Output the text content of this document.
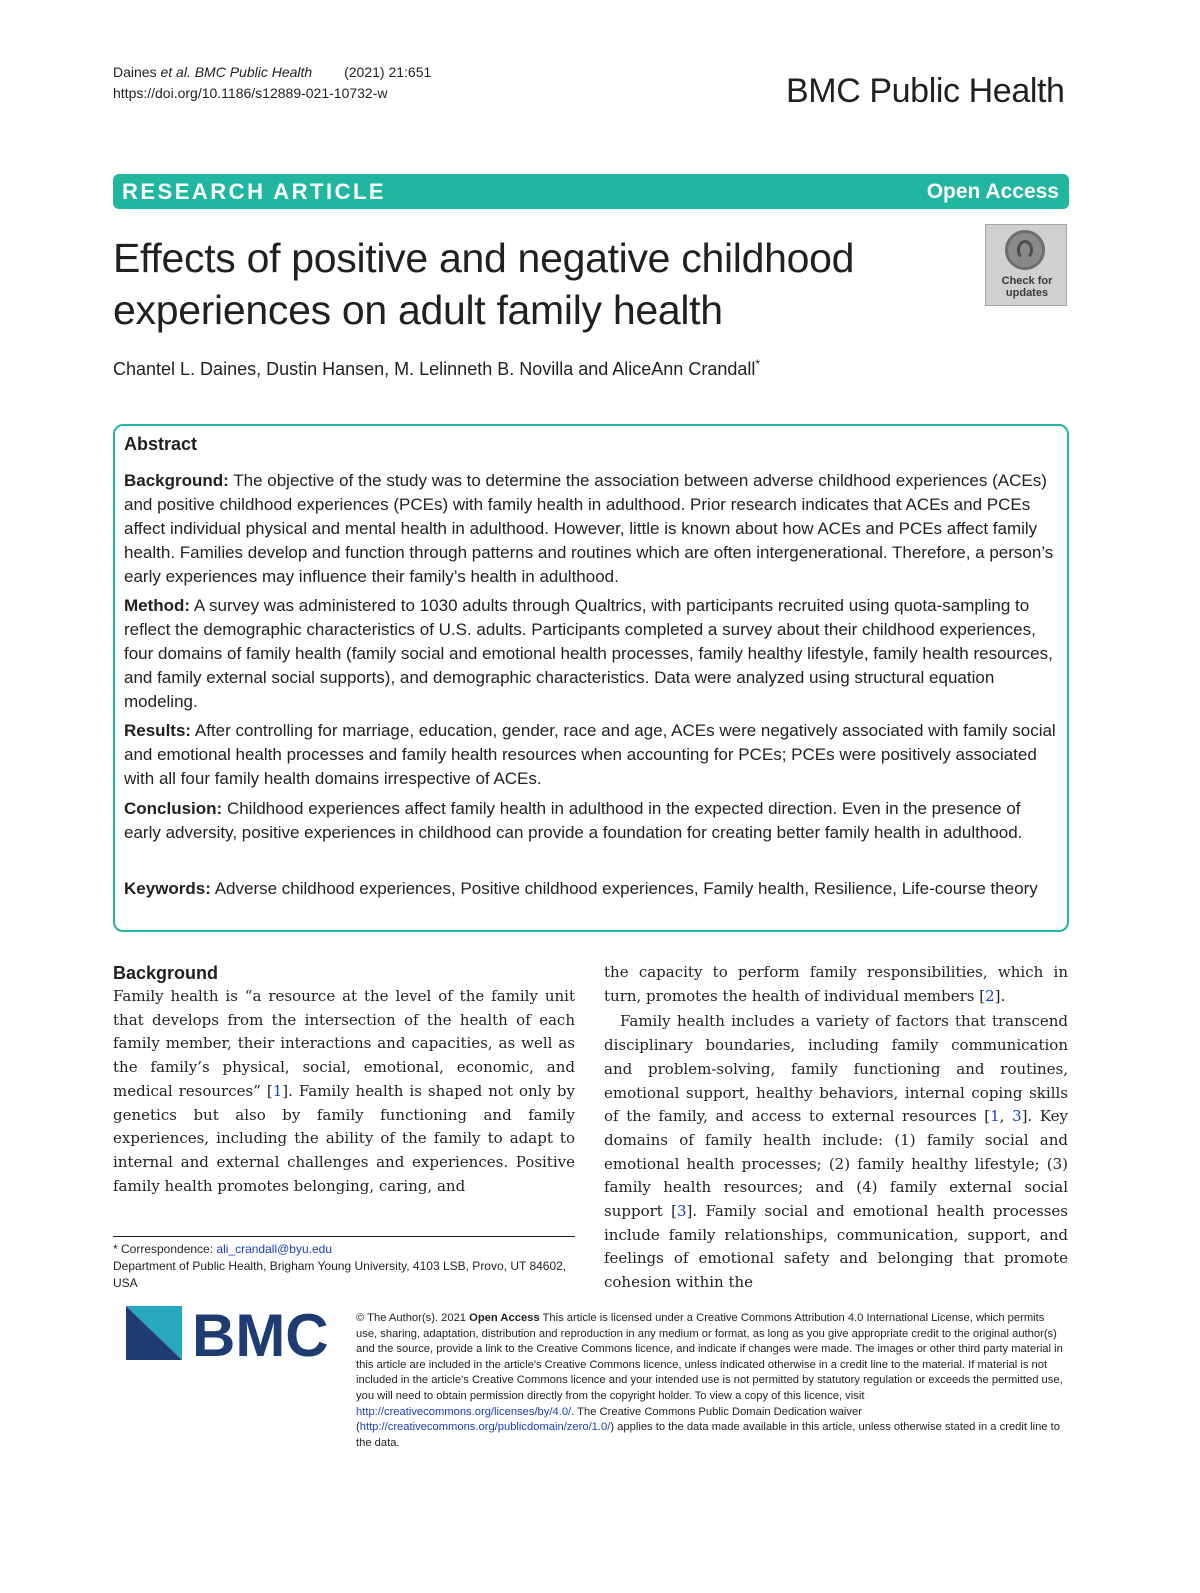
Daines et al. BMC Public Health (2021) 21:651
https://doi.org/10.1186/s12889-021-10732-w	BMC Public Health
RESEARCH ARTICLE	Open Access
Effects of positive and negative childhood
experiences on adult family health
Check for
updates
Chantel L. Daines, Dustin Hansen, M. Lelinneth B. Novilla and AliceAnn Crandall*
Abstract
Background: The objective of the study was to determine the association between adverse childhood experiences (ACEs) and positive childhood experiences (PCEs) with family health in adulthood. Prior research indicates that ACEs and PCEs affect individual physical and mental health in adulthood. However, little is known about how ACEs and PCEs affect family health. Families develop and function through patterns and routines which are often intergenerational. Therefore, a person’s early experiences may influence their family’s health in adulthood.
Method: A survey was administered to 1030 adults through Qualtrics, with participants recruited using quota-sampling to reflect the demographic characteristics of U.S. adults. Participants completed a survey about their childhood experiences, four domains of family health (family social and emotional health processes, family healthy lifestyle, family health resources, and family external social supports), and demographic characteristics. Data were analyzed using structural equation modeling.
Results: After controlling for marriage, education, gender, race and age, ACEs were negatively associated with family social and emotional health processes and family health resources when accounting for PCEs; PCEs were positively associated with all four family health domains irrespective of ACEs.
Conclusion: Childhood experiences affect family health in adulthood in the expected direction. Even in the presence of early adversity, positive experiences in childhood can provide a foundation for creating better family health in adulthood.
Keywords: Adverse childhood experiences, Positive childhood experiences, Family health, Resilience, Life-course theory
Background

Family health is “a resource at the level of the family unit that develops from the intersection of the health of each family member, their interactions and capacities, as well as the family’s physical, social, emotional, economic, and medical resources” [1]. Family health is shaped not only by genetics but also by family functioning and family experiences, including the ability of the family to adapt to internal and external challenges and experiences. Positive family health promotes belonging, caring, and

the capacity to perform family responsibilities, which in turn, promotes the health of individual members [2].

Family health includes a variety of factors that transcend disciplinary boundaries, including family communication and problem-solving, family functioning and routines, emotional support, healthy behaviors, internal coping skills of the family, and access to external resources [1, 3]. Key domains of family health include: (1) family social and emotional health processes; (2) family healthy lifestyle; (3) family health resources; and (4) family external social support [3]. Family social and emotional health processes include family relationships, communication, support, and feelings of emotional safety and belonging that promote cohesion within the

* Correspondence: ali_crandall@byu.edu
Department of Public Health, Brigham Young University, 4103 LSB, Provo, UT 84602, USA
BMC © The Author(s). 2021 Open Access This article is licensed under a Creative Commons Attribution 4.0 International License, which permits use, sharing, adaptation, distribution and reproduction in any medium or format, as long as you give appropriate credit to the original author(s) and the source, provide a link to the Creative Commons licence, and indicate if changes were made. The images or other third party material in this article are included in the article's Creative Commons licence, unless indicated otherwise in a credit line to the material. If material is not included in the article's Creative Commons licence and your intended use is not permitted by statutory regulation or exceeds the permitted use, you will need to obtain permission directly from the copyright holder. To view a copy of this licence, visit http://creativecommons.org/licenses/by/4.0/. The Creative Commons Public Domain Dedication waiver (http://creativecommons.org/publicdomain/zero/1.0/) applies to the data made available in this article, unless otherwise stated in a credit line to the data.
